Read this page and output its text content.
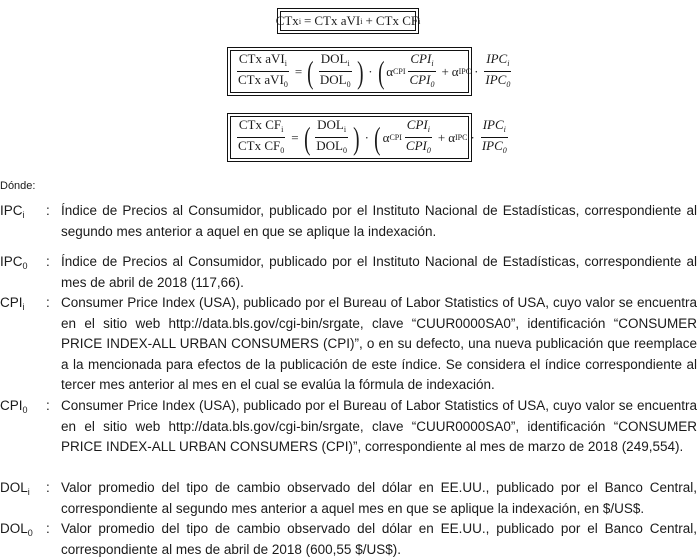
CTx i = CTx aVI i + CTx CF i
$\frac{CTx aVI_i}{CTx aVI_0}$ = ( $\frac{DOL_i}{DOL_0}$ ) · ( α CPI $\frac{CPI_i}{CPI_0} + \alpha$ IPC · $\frac{IPC_i}{IPC_0}$
$\frac{CTx CF_i}{CTx CF_0}$ = ( $\frac{DOL_i}{DOL_0}$ ) · ( α CPI $\frac{CPI_i}{CPI_0} + \alpha$ IPC · $\frac{IPC_i}{IPC_0}$
Dónde:
$IPC_i$	: Índice de Precios al Consumidor, publicado por el Instituto Nacional de Estadísticas, correspondiente al segundo mes anterior a aquel en que se aplique la indexación.
$IPC_0$	: Índice de Precios al Consumidor, publicado por el Instituto Nacional de Estadísticas, correspondiente al mes de abril de 2018 (117,66).
$CPI_i$	: Consumer Price Index (USA), publicado por el Bureau of Labor Statistics of USA, cuyo valor se encuentra en el sitio web http://data.bls.gov/cgi-bin/srgate, clave “CUUR0000SA0”, identificación “CONSUMER PRICE INDEX-ALL URBAN CONSUMERS (CPI)”, o en su defecto, una nueva publicación que reemplace a la mencionada para efectos de la publicación de este índice. Se considera el índice correspondiente al tercer mes anterior al mes en el cual se evalúa la fórmula de indexación.
$CPI_0$	: Consumer Price Index (USA), publicado por el Bureau of Labor Statistics of USA, cuyo valor se encuentra en el sitio web http://data.bls.gov/cgi-bin/srgate, clave “CUUR0000SA0”, identificación “CONSUMER PRICE INDEX-ALL URBAN CONSUMERS (CPI)”, correspondiente al mes de marzo de 2018 (249,554).
$DOL_i$	: Valor promedio del tipo de cambio observado del dólar en EE.UU., publicado por el Banco Central, correspondiente al segundo mes anterior a aquel mes en que se aplique la indexación, en $/US$.
$DOL_0$ : Valor promedio del tipo de cambio observado del dólar en EE.UU., publicado por el Banco Central, correspondiente al mes de abril de 2018 (600,55 $/US$).
